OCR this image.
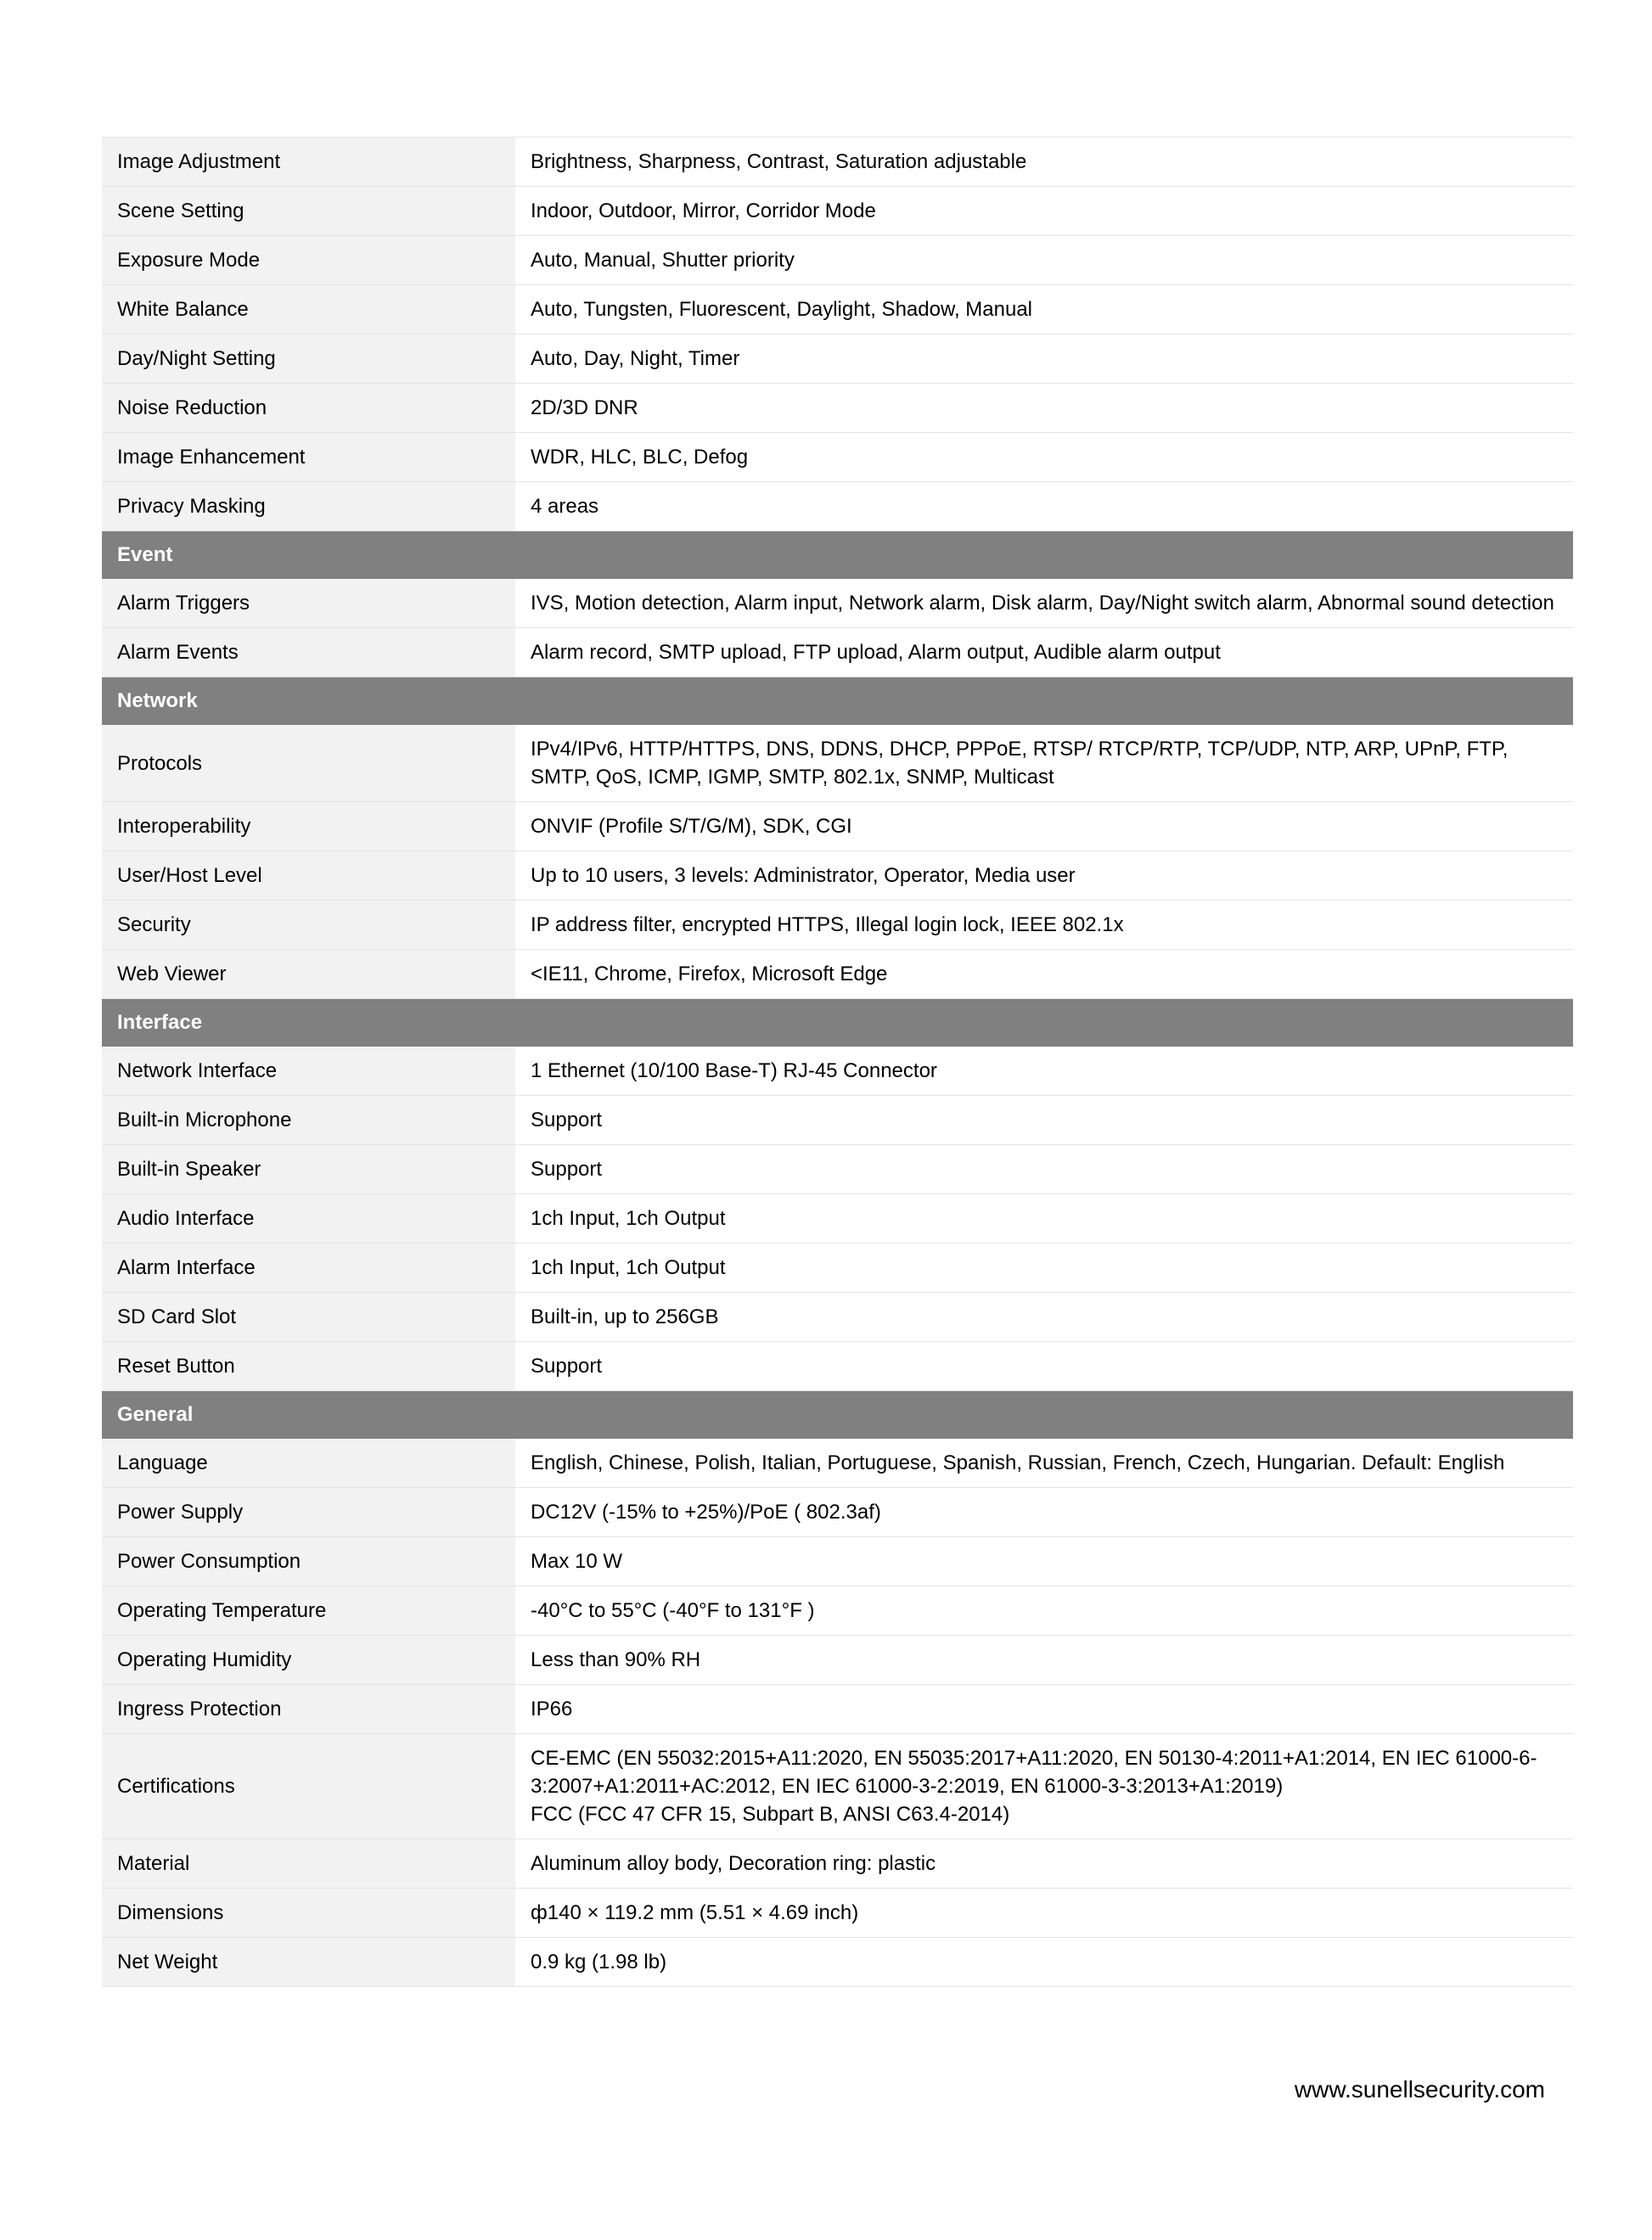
Image Adjustment	Brightness, Sharpness, Contrast, Saturation adjustable
Scene Setting	Indoor, Outdoor, Mirror, Corridor Mode
Exposure Mode	Auto, Manual, Shutter priority
White Balance	Auto, Tungsten, Fluorescent, Daylight, Shadow, Manual
Day/Night Setting	Auto, Day, Night, Timer
Noise Reduction	2D/3D DNR
Image Enhancement	WDR, HLC, BLC, Defog
Privacy Masking	4 areas
Event	
Alarm Triggers	IVS, Motion detection, Alarm input, Network alarm, Disk alarm, Day/Night switch alarm, Abnormal sound detection
Alarm Events	Alarm record, SMTP upload, FTP upload, Alarm output, Audible alarm output
Network	
Protocols	IPv4/IPv6, HTTP/HTTPS, DNS, DDNS, DHCP, PPPoE, RTSP/ RTCP/RTP, TCP/UDP, NTP, ARP, UPnP, FTP, SMTP, QoS, ICMP, IGMP, SMTP, 802.1x, SNMP, Multicast
Interoperability	ONVIF (Profile S/T/G/M), SDK, CGI
User/Host Level	Up to 10 users, 3 levels: Administrator, Operator, Media user
Security	IP address filter, encrypted HTTPS, Illegal login lock, IEEE 802.1x
Web Viewer	<IE11, Chrome, Firefox, Microsoft Edge
Interface	
Network Interface	1 Ethernet (10/100 Base-T) RJ-45 Connector
Built-in Microphone	Support
Built-in Speaker	Support
Audio Interface	1ch Input, 1ch Output
Alarm Interface	1ch Input, 1ch Output
SD Card Slot	Built-in, up to 256GB
Reset Button	Support
General	
Language	English, Chinese, Polish, Italian, Portuguese, Spanish, Russian, French, Czech, Hungarian. Default: English
Power Supply	DC12V (-15% to +25%)/PoE ( 802.3af)
Power Consumption	Max 10 W
Operating Temperature	-40°C to 55°C (-40°F to 131°F )
Operating Humidity	Less than 90% RH
Ingress Protection	IP66
Certifications	CE-EMC (EN 55032:2015+A11:2020, EN 55035:2017+A11:2020, EN 50130-4:2011+A1:2014, EN IEC 61000-6-3:2007+A1:2011+AC:2012, EN IEC 61000-3-2:2019, EN 61000-3-3:2013+A1:2019)
FCC (FCC 47 CFR 15, Subpart B, ANSI C63.4-2014)
Material	Aluminum alloy body, Decoration ring: plastic
Dimensions	ф140 × 119.2 mm (5.51 × 4.69 inch)
Net Weight	0.9 kg (1.98 lb)
www.sunellsecurity.com
